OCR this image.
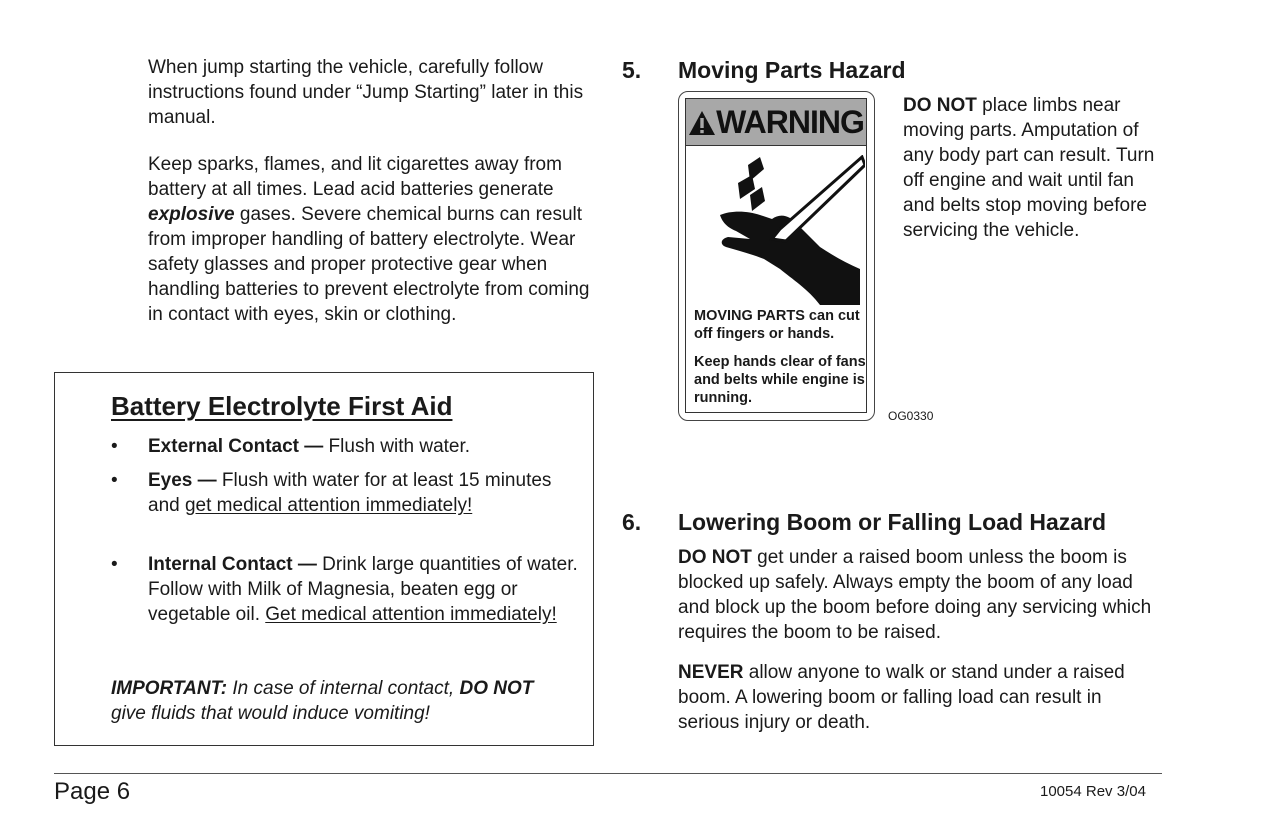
When jump starting the vehicle, carefully follow instructions found under “Jump Starting” later in this manual.
Keep sparks, flames, and lit cigarettes away from battery at all times. Lead acid batteries generate explosive gases. Severe chemical burns can result from improper handling of battery electrolyte. Wear safety glasses and proper protective gear when handling batteries to prevent electrolyte from coming in contact with eyes, skin or clothing.
Battery Electrolyte First Aid
• External Contact — Flush with water.
• Eyes — Flush with water for at least 15 minutes and get medical attention immediately!
• Internal Contact — Drink large quantities of water. Follow with Milk of Magnesia, beaten egg or vegetable oil. Get medical attention immediately!
IMPORTANT: In case of internal contact, DO NOT give fluids that would induce vomiting!
5. Moving Parts Hazard
WARNING
MOVING PARTS can cut off fingers or hands.
Keep hands clear of fans and belts while engine is running.
OG0330
DO NOT place limbs near moving parts. Amputation of any body part can result. Turn off engine and wait until fan and belts stop moving before servicing the vehicle.
6. Lowering Boom or Falling Load Hazard
DO NOT get under a raised boom unless the boom is blocked up safely. Always empty the boom of any load and block up the boom before doing any servicing which requires the boom to be raised.
NEVER allow anyone to walk or stand under a raised boom. A lowering boom or falling load can result in serious injury or death.
Page 6	10054 Rev 3/04
